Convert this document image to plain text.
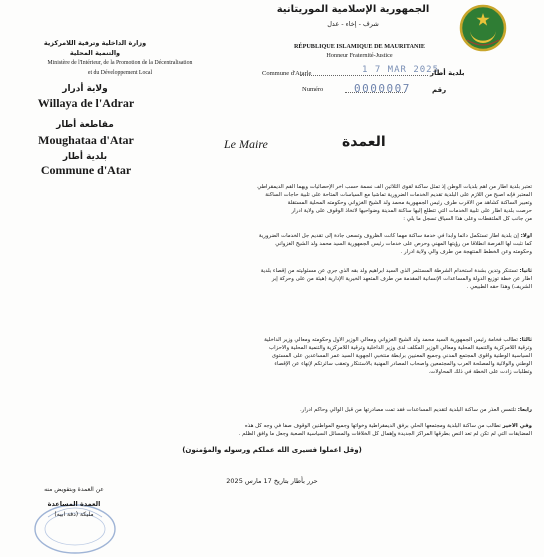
الجمهورية الإسلامية الموريتانية
شرف - إخاء - عدل
RÉPUBLIQUE ISLAMIQUE DE MAURITANIE
Honneur Fraternité-Justice
Commune d'Atarle	1 7 MAR 2025
بلدية أطار
Numéro	0000007	رقم
وزارة الداخلية وترقية اللامركزية
والتنمية المحلية
Ministère de l'Intérieur, de la Promotion de la Décentralisation
et du Développement Local
ولاية أدرار
Willaya de l'Adrar
مقاطعة أطار
Moughataa d'Atar
بلدية أطار
Commune d'Atar
Le Maire	العمدة
تعتبر بلدية أطار من أهم بلديات الوطن إذ تمثل ساكنة لقوى الثلاثين ألف نسمة حسب آخر الإحصائيات ويهما القم الديمقراطي
المعتبر فإنه أصبح من اللازم على البلدية تقديم الخدمات الضرورية تماشيا مع السياسات المتاحة على تلبية حاجات الساكنة
وتعبير الساكنة كشاهد من الأقرب طرف رئيس الجمهورية محمد ولد الشيخ الغزواني وحكومته المحلية المستقلة
حرصت بلدية أطار على تلبية الخدمات التي تتطلع إليها ساكنة المدينة وضواحيها لاتخاذ الوقوف على ولاية أدرار
من جانب كل الملتقطات وعلى هذا السياق تسجل ما يلي :
أولا: إن بلدية أطار تستكمل دائما وأبدا في خدمة ساكنة مهما كانت الظروف وتسعى جادة إلى تقديم جل الخدمات الضرورية
كما نثبت لها الفرصة انطلاقا من رؤيتها المهني وحرص على خدمات رئيس الجمهورية السيد محمد ولد الشيخ الغزواني
وحكومته وعن الخطط المنتهجة من طرف والي ولاية أدرار .
ثانيا: تستنكر وتدين بشدة استخدام الشرطة المستثمر الذي السيد ابراهيم ولد بقه الذي جري عن مسئوليته من إقصاء بلدية
أطار عن خطة توزيع الدولة والمساعدات الإنسانية المقدمة من طرف المتعهد الخيرية الإدارية (هيئة من على وحركة إبر
الشريف) وهذا حقه الطبيعي .
ثالثا: تطالب فخامة رئيس الجمهورية السيد محمد ولد الشيخ الغزواني ومعالي الوزير الأول وحكومته ومعالي وزير الداخلية
وترقية اللامركزية والتنمية المحلية ومعالي الوزير المكلف لدى وزير الداخلية وترقية اللامركزية والتنمية المحلية والأحزاب
السياسية الوطنية وأقوى المجتمع المدني وجميع المعنيين برابطة منتخبي الجهوية السيد عمر المساعدين على المستوى
الوطني والولائية والمصلحة العرب والمجتمعين وأصحاب المصادر المهنية بالاستنكار وتعقب سائرتكم لإنهاء عن الإقصاء
وتطلبات زادت على الخطة في ذلك المحاولات.
رابعا: تلتمس العذر من ساكنة البلدية لتقديم المساعدات فقد تمت مصادرتها من قبل الوالي وحاكم أدرار.
وفي الأخير نطالب من ساكنة البلدية ومجتمعها الحلي برفق الديمقراطية وخواتها وجميع المواطنين الوقوف صفا في وجه كل هذه
المضايقات التي لم تكن لم تعد النص بطرقها المراكز الجديدة وإهمال كل الخلافات والمسائل السياسية الصعبة وجعل ما وافق الظلم .
(وقل اعملوا فسيرى الله عملكم ورسوله والمؤمنون)
حرر بأطار بتاريخ 17 مارس 2025
عن العمدة وبتفويض منه
العمدة المساعدة
مليكة (دفة ابيه)
